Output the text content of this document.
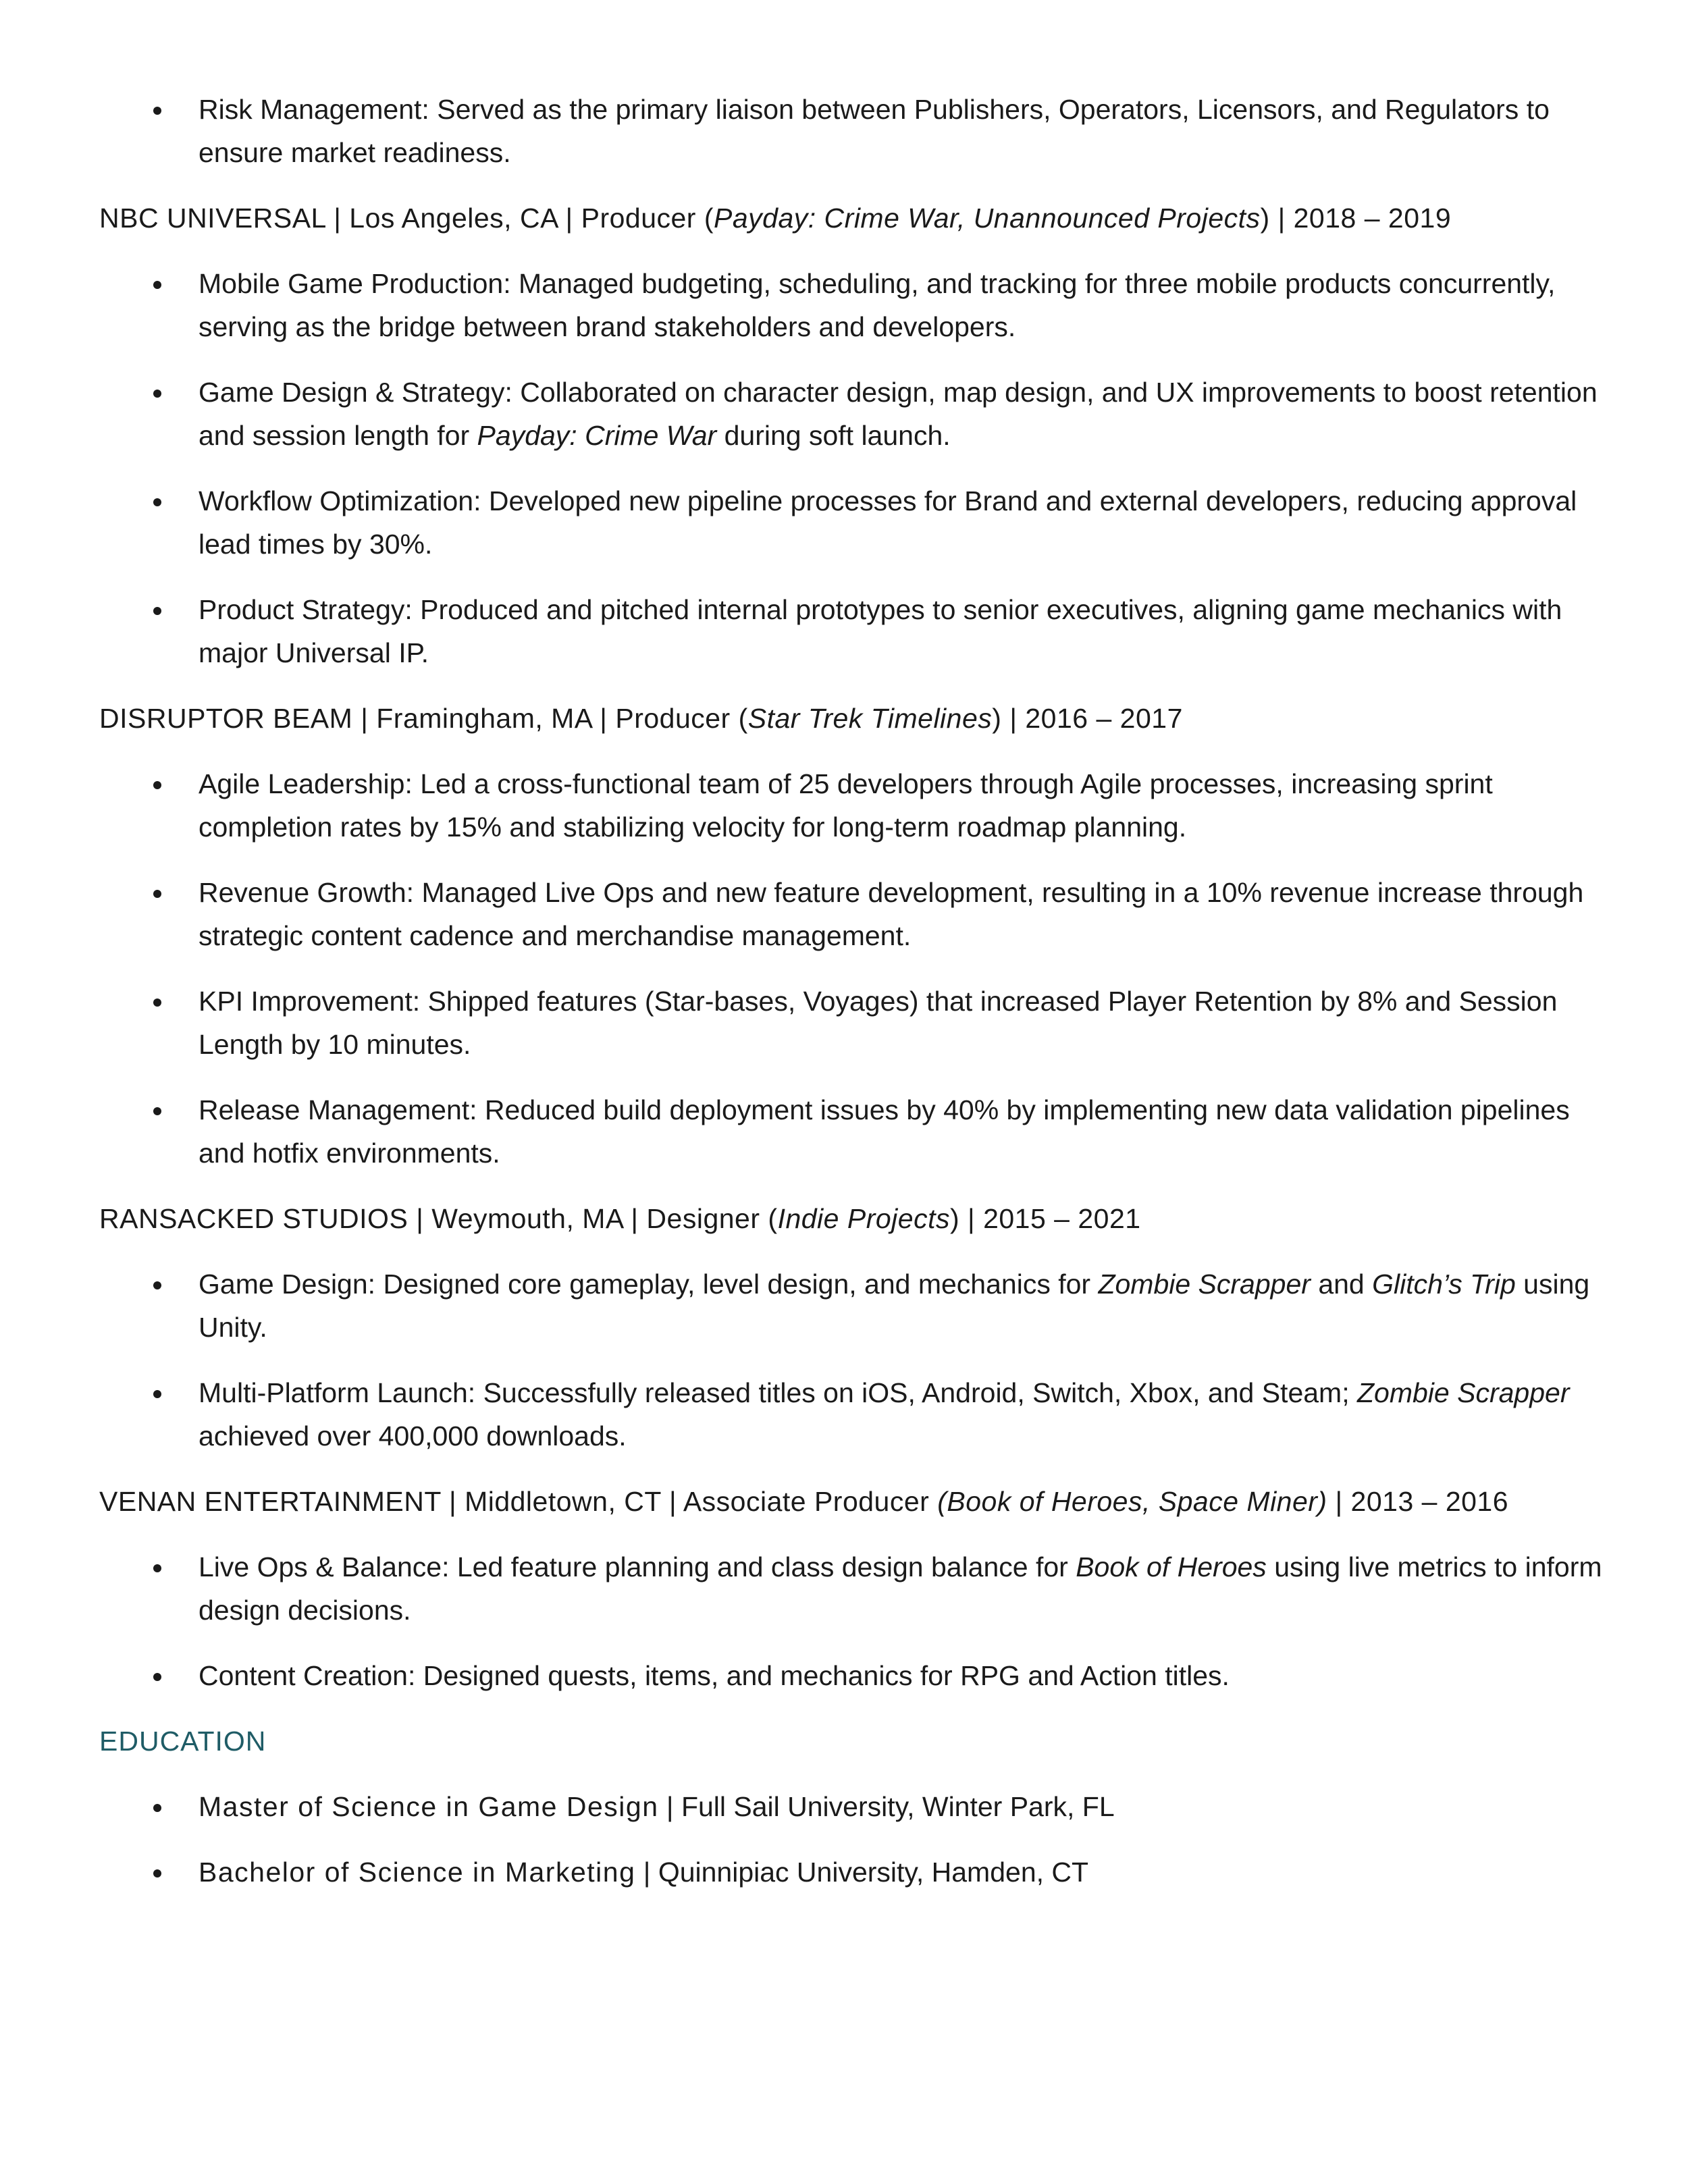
Risk Management: Served as the primary liaison between Publishers, Operators, Licensors, and Regulators to ensure market readiness.
NBC UNIVERSAL | Los Angeles, CA | Producer (Payday: Crime War, Unannounced Projects) | 2018 – 2019
Mobile Game Production: Managed budgeting, scheduling, and tracking for three mobile products concurrently, serving as the bridge between brand stakeholders and developers.
Game Design & Strategy: Collaborated on character design, map design, and UX improvements to boost retention and session length for Payday: Crime War during soft launch.
Workflow Optimization: Developed new pipeline processes for Brand and external developers, reducing approval lead times by 30%.
Product Strategy: Produced and pitched internal prototypes to senior executives, aligning game mechanics with major Universal IP.
DISRUPTOR BEAM | Framingham, MA | Producer (Star Trek Timelines) | 2016 – 2017
Agile Leadership: Led a cross-functional team of 25 developers through Agile processes, increasing sprint completion rates by 15% and stabilizing velocity for long-term roadmap planning.
Revenue Growth: Managed Live Ops and new feature development, resulting in a 10% revenue increase through strategic content cadence and merchandise management.
KPI Improvement: Shipped features (Star-bases, Voyages) that increased Player Retention by 8% and Session Length by 10 minutes.
Release Management: Reduced build deployment issues by 40% by implementing new data validation pipelines and hotfix environments.
RANSACKED STUDIOS | Weymouth, MA | Designer (Indie Projects) | 2015 – 2021
Game Design: Designed core gameplay, level design, and mechanics for Zombie Scrapper and Glitch’s Trip using Unity.
Multi-Platform Launch: Successfully released titles on iOS, Android, Switch, Xbox, and Steam; Zombie Scrapper achieved over 400,000 downloads.
VENAN ENTERTAINMENT | Middletown, CT | Associate Producer (Book of Heroes, Space Miner) | 2013 – 2016
Live Ops & Balance: Led feature planning and class design balance for Book of Heroes using live metrics to inform design decisions.
Content Creation: Designed quests, items, and mechanics for RPG and Action titles.
EDUCATION
Master of Science in Game Design | Full Sail University, Winter Park, FL
Bachelor of Science in Marketing | Quinnipiac University, Hamden, CT
